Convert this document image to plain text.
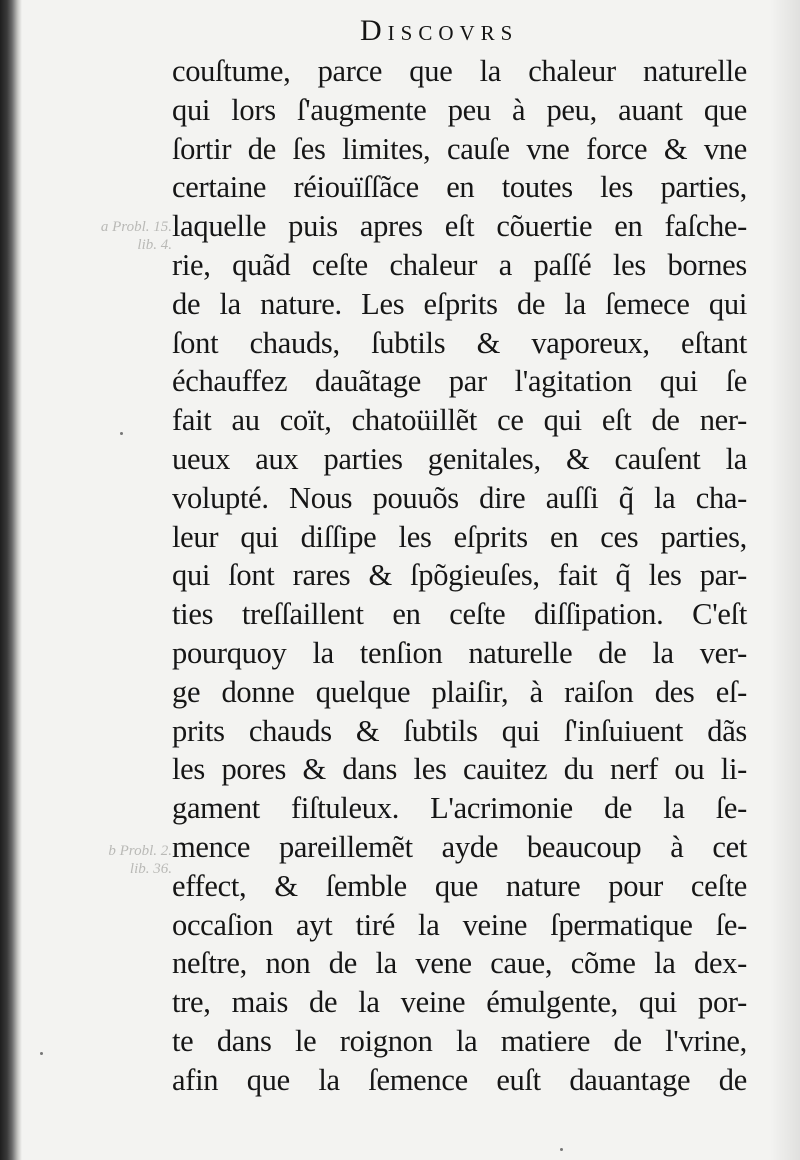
Discovrs
a Probl. 15.
lib. 4.
b Probl. 2.
lib. 36.
couſtume, parce que la chaleur naturelle
qui lors ſ'augmente peu à peu, auant que
ſortir de ſes limites, cauſe vne force & vne
certaine réiouïſſãce en toutes les parties,
laquelle puis apres eſt cõuertie en faſche-
rie, quãd ceſte chaleur a paſſé les bornes
de la nature. Les eſprits de la ſemece qui
ſont chauds, ſubtils & vaporeux, eſtant
échauffez dauãtage par l'agitation qui ſe
fait au coït, chatoüillẽt ce qui eſt de ner-
ueux aux parties genitales, & cauſent la
volupté. Nous pouuõs dire auſſi q̃ la cha-
leur qui diſſipe les eſprits en ces parties,
qui ſont rares & ſpõgieuſes, fait q̃ les par-
ties treſſaillent en ceſte diſſipation. C'eſt
pourquoy la tenſion naturelle de la ver-
ge donne quelque plaiſir, à raiſon des eſ-
prits chauds & ſubtils qui ſ'inſuiuent dãs
les pores & dans les cauitez du nerf ou li-
gament fiſtuleux. L'acrimonie de la ſe-
mence pareillemẽt ayde beaucoup à cet
effect, & ſemble que nature pour ceſte
occaſion ayt tiré la veine ſpermatique ſe-
neſtre, non de la vene caue, cõme la dex-
tre, mais de la veine émulgente, qui por-
te dans le roignon la matiere de l'vrine,
afin que la ſemence euſt dauantage de
